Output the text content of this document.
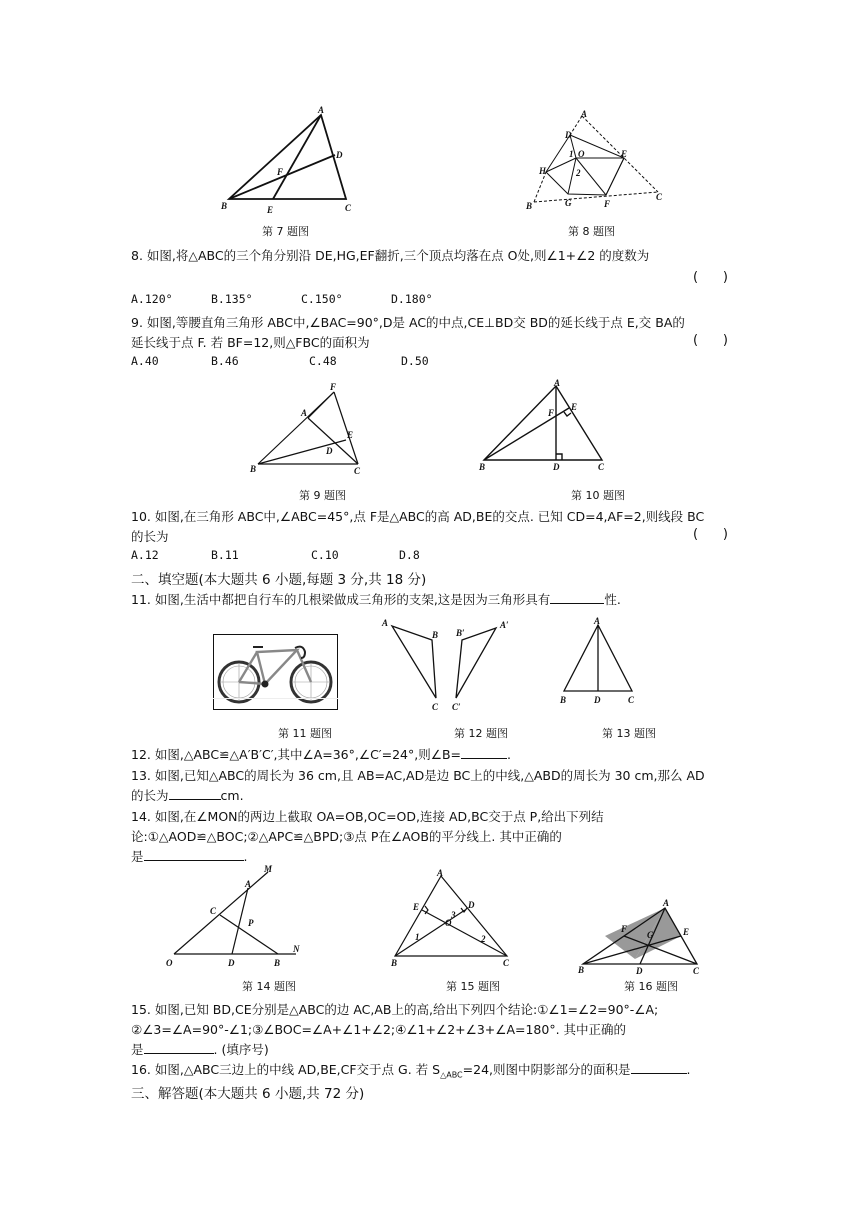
A
D
F
B	E	C
A
D
O
1
2
E
H
B	G	F
C
第 7 题图	第 8 题图
8. 如图,将△ABC的三个角分别沿 DE,HG,EF翻折,三个顶点均落在点 O处,则∠1+∠2 的度数为
(      )
A.120°	B.135°	C.150°	D.180°
9. 如图,等腰直角三角形 ABC中,∠BAC=90°,D是 AC的中点,CE⊥BD交 BD的延长线于点 E,交 BA的
延长线于点 F. 若 BF=12,则△FBC的面积为	(      )
A.40	B.46	C.48	D.50
F
A
E
D
B	C
A
F
E
B	D	C
第 9 题图	第 10 题图
10. 如图,在三角形 ABC中,∠ABC=45°,点 F是△ABC的高 AD,BE的交点. 已知 CD=4,AF=2,则线段 BC
的长为	(      )
A.12	B.11	C.10	D.8
二、填空题(本大题共 6 小题,每题 3 分,共 18 分)
11. 如图,生活中都把自行车的几根梁做成三角形的支架,这是因为三角形具有	性.
A
B
C
A′
B′
C′
A
B	D	C
第 11 题图	第 12 题图	第 13 题图
12. 如图,△ABC≌△A′B′C′,其中∠A=36°,∠C′=24°,则∠B=	.
13. 如图,已知△ABC的周长为 36 cm,且 AB=AC,AD是边 BC上的中线,△ABD的周长为 30 cm,那么 AD
的长为	cm.
14. 如图,在∠MON的两边上截取 OA=OB,OC=OD,连接 AD,BC交于点 P,给出下列结
论:①△AOD≌△BOC;②△APC≌△BPD;③点 P在∠AOB的平分线上. 其中正确的
是	.
M
A
C
P
N
O	D	B
A
E	D
O
1	2
3
B	C
A
F
G	E
B	D	C
第 14 题图	第 15 题图	第 16 题图
15. 如图,已知 BD,CE分别是△ABC的边 AC,AB上的高,给出下列四个结论:①∠1=∠2=90°-∠A;
②∠3=∠A=90°-∠1;③∠BOC=∠A+∠1+∠2;④∠1+∠2+∠3+∠A=180°. 其中正确的
是	. (填序号)
16. 如图,△ABC三边上的中线 AD,BE,CF交于点 G. 若 $S_{\triangle ABC}=24$,则图中阴影部分的面积是	.
三、解答题(本大题共 6 小题,共 72 分)
